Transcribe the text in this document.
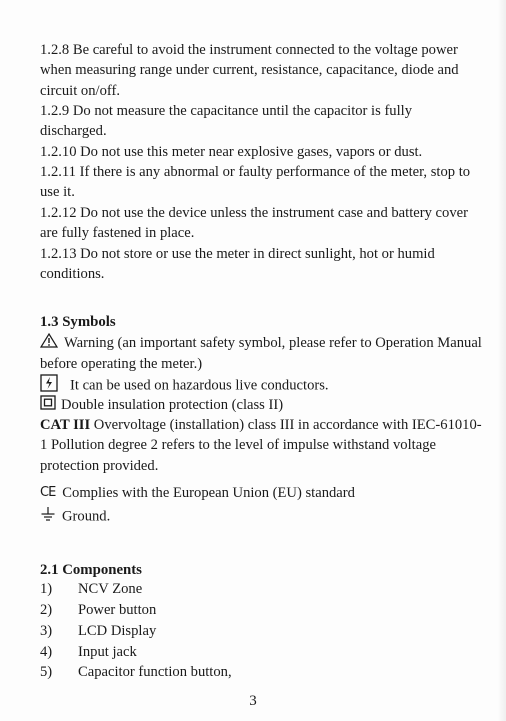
1.2.8 Be careful to avoid the instrument connected to the voltage power when measuring range under current, resistance, capacitance, diode and circuit on/off.

1.2.9 Do not measure the capacitance until the capacitor is fully discharged.

1.2.10 Do not use this meter near explosive gases, vapors or dust.

1.2.11 If there is any abnormal or faulty performance of the meter, stop to use it.

1.2.12 Do not use the device unless the instrument case and battery cover are fully fastened in place.

1.2.13 Do not store or use the meter in direct sunlight, hot or humid conditions.

1.3 Symbols

Warning (an important safety symbol, please refer to Operation Manual before operating the meter.)
It can be used on hazardous live conductors.
Double insulation protection (class II)
CAT III Overvoltage (installation) class III in accordance with IEC-61010-1 Pollution degree 2 refers to the level of impulse withstand voltage protection provided.
CE Complies with the European Union (EU) standard
Ground.

2.1 Components

1) NCV Zone
2) Power button
3) LCD Display
4) Input jack
5) Capacitor function button,
3
